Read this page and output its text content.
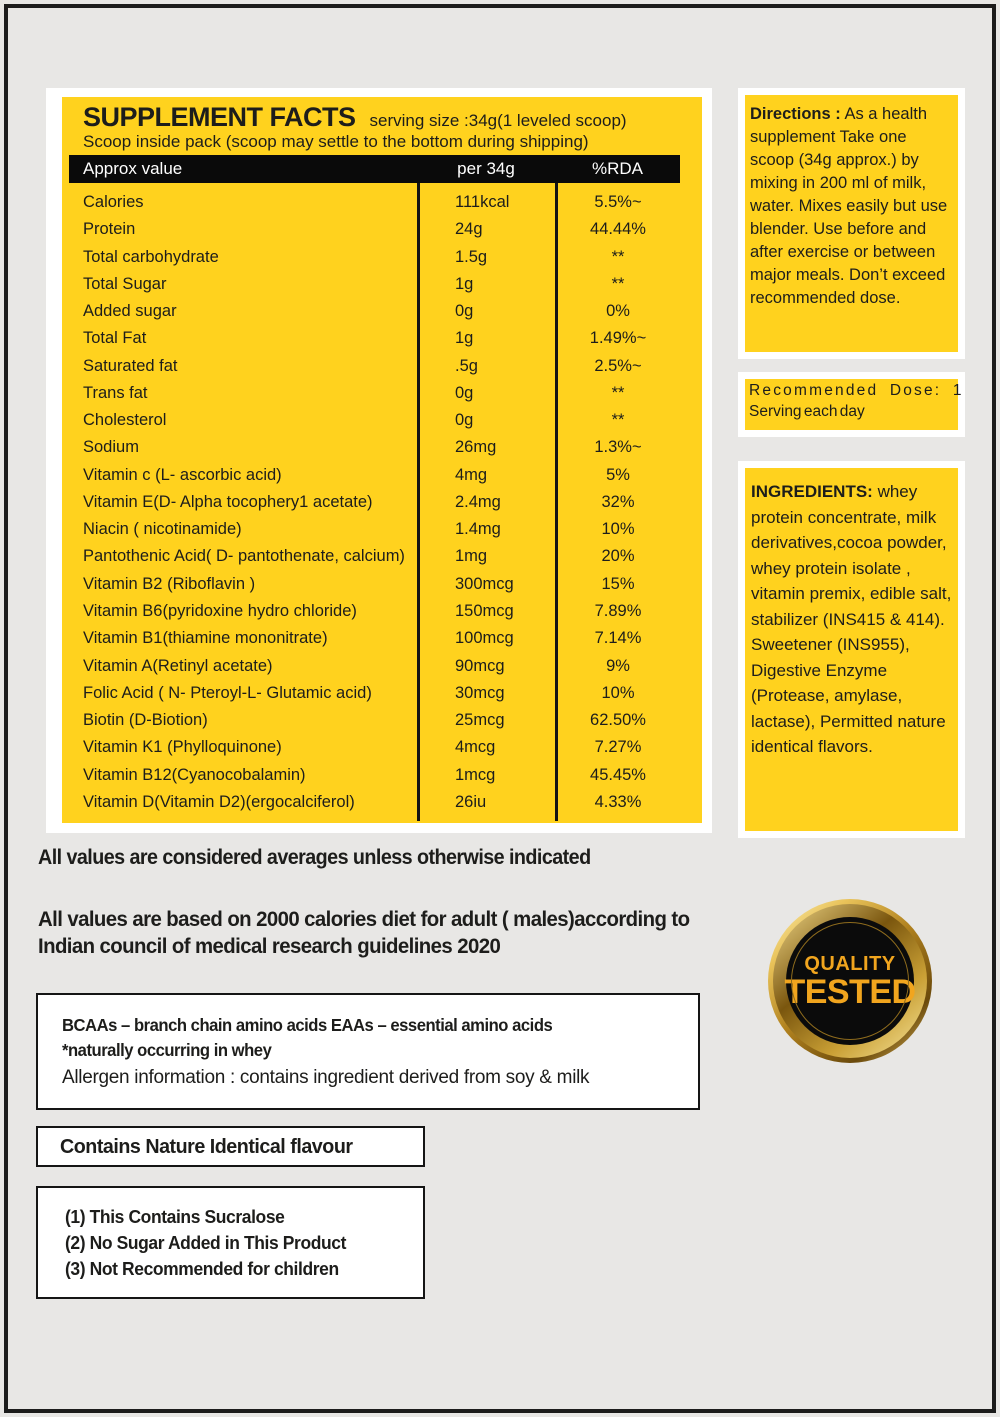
SUPPLEMENT FACTS serving size :34g(1 leveled scoop)
Scoop inside pack (scoop may settle to the bottom during shipping)
Approx value	per 34g	%RDA
Calories	111kcal	5.5%~
Protein	24g	44.44%
Total carbohydrate	1.5g	**
Total Sugar	1g	**
Added sugar	0g	0%
Total Fat	1g	1.49%~
Saturated fat	.5g	2.5%~
Trans fat	0g	**
Cholesterol	0g	**
Sodium	26mg	1.3%~
Vitamin c (L- ascorbic acid)	4mg	5%
Vitamin E(D- Alpha tocophery1 acetate)	2.4mg	32%
Niacin ( nicotinamide)	1.4mg	10%
Pantothenic Acid( D- pantothenate, calcium)	1mg	20%
Vitamin B2 (Riboflavin )	300mcg	15%
Vitamin B6(pyridoxine hydro chloride)	150mcg	7.89%
Vitamin B1(thiamine mononitrate)	100mcg	7.14%
Vitamin A(Retinyl acetate)	90mcg	9%
Folic Acid ( N- Pteroyl-L- Glutamic acid)	30mcg	10%
Biotin (D-Biotion)	25mcg	62.50%
Vitamin K1 (Phylloquinone)	4mcg	7.27%
Vitamin B12(Cyanocobalamin)	1mcg	45.45%
Vitamin D(Vitamin D2)(ergocalciferol)	26iu	4.33%
Directions : As a health supplement Take one scoop (34g approx.) by mixing in 200 ml of milk, water. Mixes easily but use blender. Use before and after exercise or between major meals. Don’t exceed recommended dose.
Recommended Dose: 1
Serving each day
INGREDIENTS: whey protein concentrate, milk derivatives,cocoa powder, whey protein isolate , vitamin premix, edible salt, stabilizer (INS415 & 414). Sweetener (INS955), Digestive Enzyme (Protease, amylase, lactase), Permitted nature identical flavors.
All values are considered averages unless otherwise indicated
All values are based on 2000 calories diet for adult ( males)according to Indian council of medical research guidelines 2020
BCAAs – branch chain amino acids EAAs – essential amino acids
*naturally occurring in whey
Allergen information : contains ingredient derived from soy & milk
Contains Nature Identical flavour
(1) This Contains Sucralose
(2) No Sugar Added in This Product
(3) Not Recommended for children
QUALITY
TESTED
